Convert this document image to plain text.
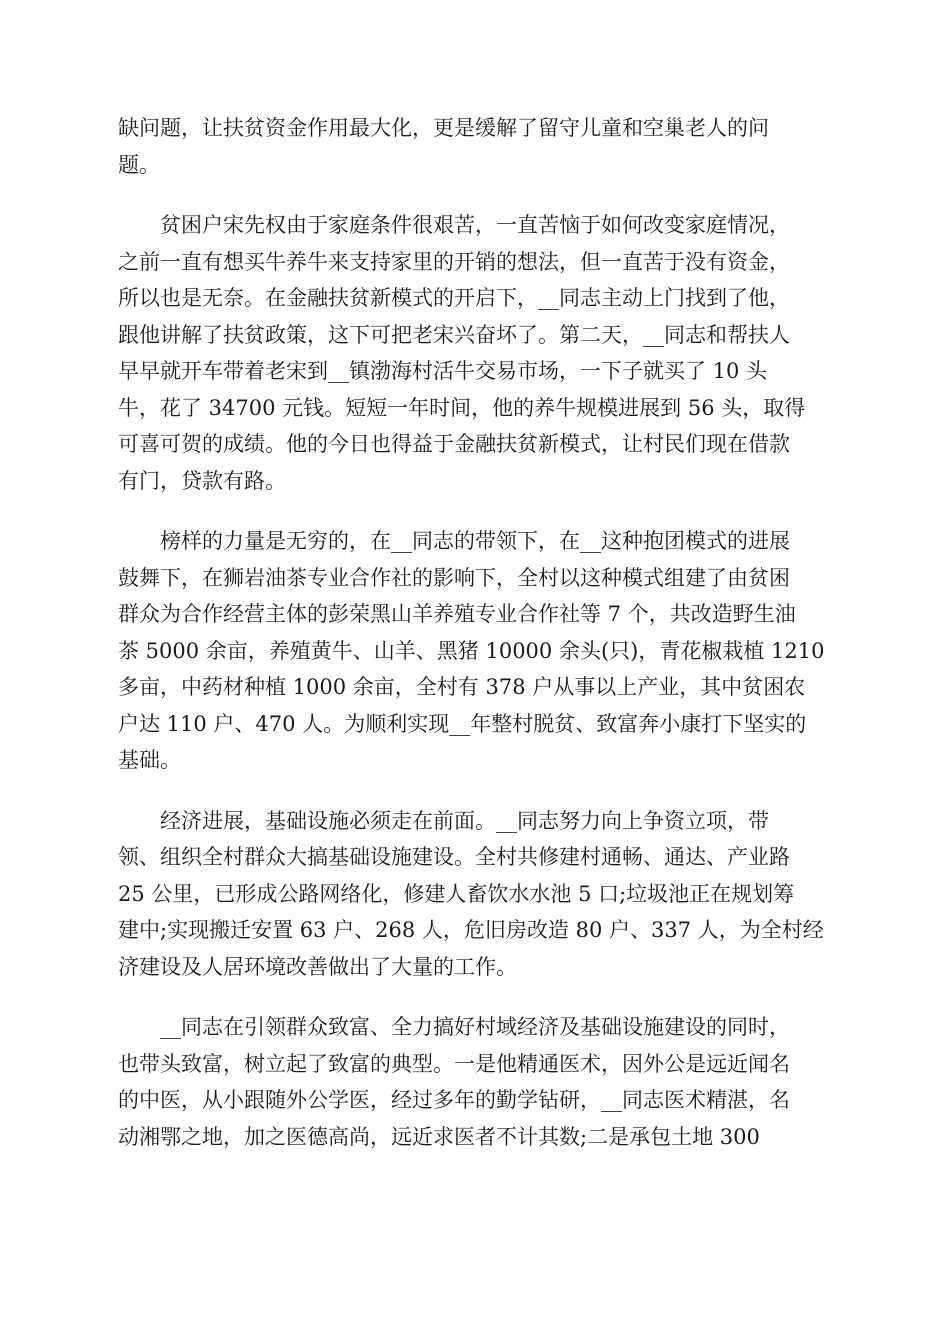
缺问题，让扶贫资金作用最大化，更是缓解了留守儿童和空巢老人的问
题。
贫困户宋先权由于家庭条件很艰苦，一直苦恼于如何改变家庭情况，
之前一直有想买牛养牛来支持家里的开销的想法，但一直苦于没有资金，
所以也是无奈。在金融扶贫新模式的开启下，__同志主动上门找到了他，
跟他讲解了扶贫政策，这下可把老宋兴奋坏了。第二天，__同志和帮扶人
早早就开车带着老宋到__镇渤海村活牛交易市场，一下子就买了 10 头
牛，花了 34700 元钱。短短一年时间，他的养牛规模进展到 56 头，取得
可喜可贺的成绩。他的今日也得益于金融扶贫新模式，让村民们现在借款
有门，贷款有路。
榜样的力量是无穷的，在__同志的带领下，在__这种抱团模式的进展
鼓舞下，在狮岩油茶专业合作社的影响下，全村以这种模式组建了由贫困
群众为合作经营主体的彭荣黑山羊养殖专业合作社等 7 个，共改造野生油
茶 5000 余亩，养殖黄牛、山羊、黑猪 10000 余头(只)，青花椒栽植 1210
多亩，中药材种植 1000 余亩，全村有 378 户从事以上产业，其中贫困农
户达 110 户、470 人。为顺利实现__年整村脱贫、致富奔小康打下坚实的
基础。
经济进展，基础设施必须走在前面。__同志努力向上争资立项，带
领、组织全村群众大搞基础设施建设。全村共修建村通畅、通达、产业路
25 公里，已形成公路网络化，修建人畜饮水水池 5 口;垃圾池正在规划筹
建中;实现搬迁安置 63 户、268 人，危旧房改造 80 户、337 人，为全村经
济建设及人居环境改善做出了大量的工作。
__同志在引领群众致富、全力搞好村域经济及基础设施建设的同时，
也带头致富，树立起了致富的典型。一是他精通医术，因外公是远近闻名
的中医，从小跟随外公学医，经过多年的勤学钻研，__同志医术精湛，名
动湘鄂之地，加之医德高尚，远近求医者不计其数;二是承包土地 300
